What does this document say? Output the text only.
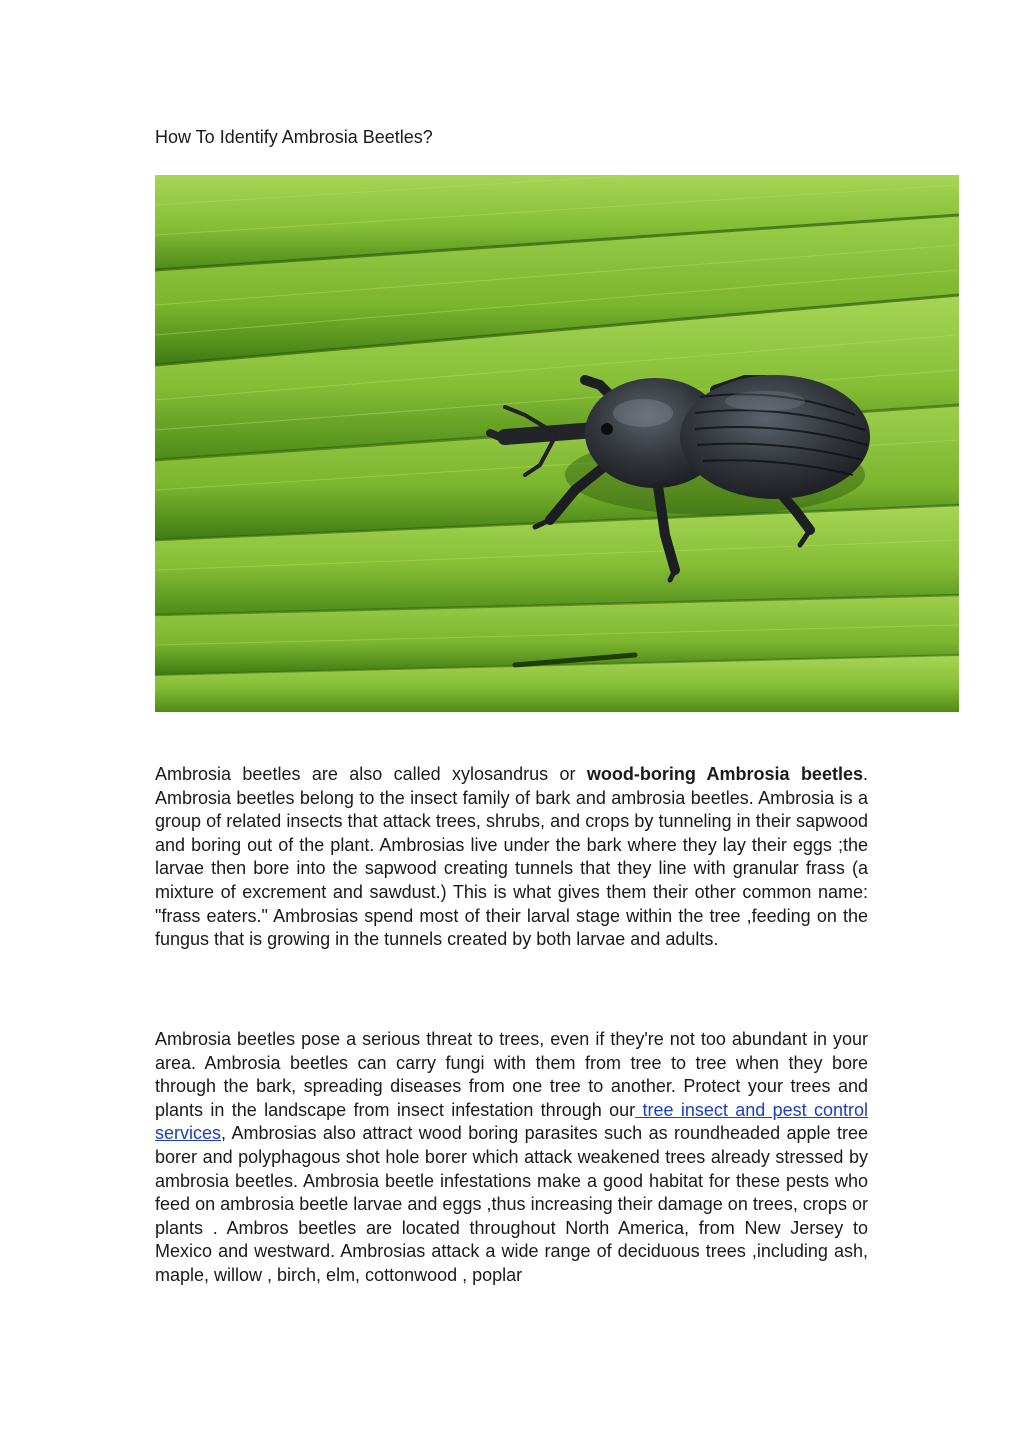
How To Identify Ambrosia Beetles?

Ambrosia beetles are also called xylosandrus or wood-boring Ambrosia beetles. Ambrosia beetles belong to the insect family of bark and ambrosia beetles. Ambrosia is a group of related insects that attack trees, shrubs, and crops by tunneling in their sapwood and boring out of the plant. Ambrosias live under the bark where they lay their eggs ;the larvae then bore into the sapwood creating tunnels that they line with granular frass (a mixture of excrement and sawdust.) This is what gives them their other common name: "frass eaters." Ambrosias spend most of their larval stage within the tree ,feeding on the fungus that is growing in the tunnels created by both larvae and adults.

Ambrosia beetles pose a serious threat to trees, even if they're not too abundant in your area. Ambrosia beetles can carry fungi with them from tree to tree when they bore through the bark, spreading diseases from one tree to another. Protect your trees and plants in the landscape from insect infestation through our tree insect and pest control services, Ambrosias also attract wood boring parasites such as roundheaded apple tree borer and polyphagous shot hole borer which attack weakened trees already stressed by ambrosia beetles. Ambrosia beetle infestations make a good habitat for these pests who feed on ambrosia beetle larvae and eggs ,thus increasing their damage on trees, crops or plants . Ambros beetles are located throughout North America, from New Jersey to Mexico and westward. Ambrosias attack a wide range of deciduous trees ,including ash, maple, willow , birch, elm, cottonwood , poplar
